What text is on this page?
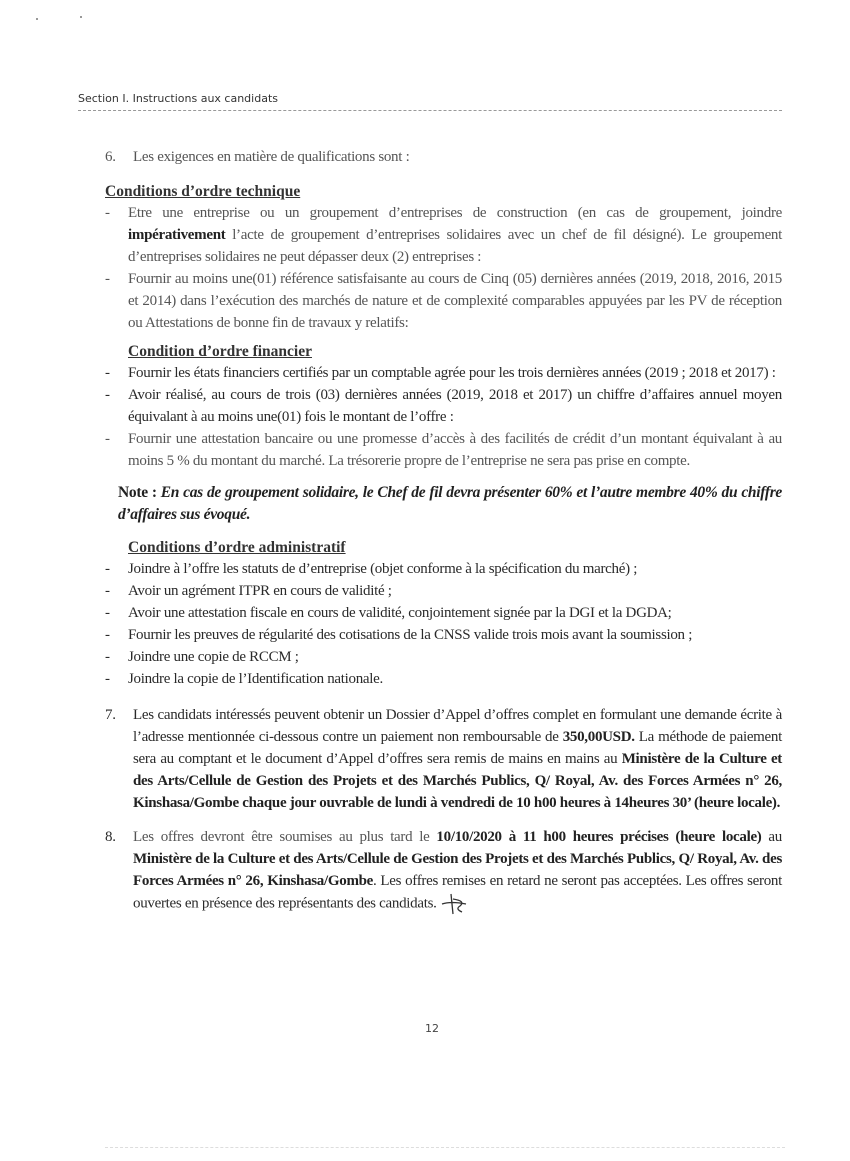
Section I. Instructions aux candidats
6. Les exigences en matière de qualifications sont :
Conditions d’ordre technique
- Etre une entreprise ou un groupement d’entreprises de construction (en cas de groupement, joindre impérativement l’acte de groupement d’entreprises solidaires avec un chef de fil désigné). Le groupement d’entreprises solidaires ne peut dépasser deux (2) entreprises :
- Fournir au moins une(01) référence satisfaisante au cours de Cinq (05) dernières années (2019, 2018, 2016, 2015 et 2014) dans l’exécution des marchés de nature et de complexité comparables appuyées par les PV de réception ou Attestations de bonne fin de travaux y relatifs:
Condition d’ordre financier
- Fournir les états financiers certifiés par un comptable agrée pour les trois dernières années (2019 ; 2018 et 2017) :
- Avoir réalisé, au cours de trois (03) dernières années (2019, 2018 et 2017) un chiffre d’affaires annuel moyen équivalant à au moins une(01) fois le montant de l’offre :
- Fournir une attestation bancaire ou une promesse d’accès à des facilités de crédit d’un montant équivalant à au moins 5 % du montant du marché. La trésorerie propre de l’entreprise ne sera pas prise en compte.
Note : En cas de groupement solidaire, le Chef de fil devra présenter 60% et l’autre membre 40% du chiffre d’affaires sus évoqué.
Conditions d’ordre administratif
- Joindre à l’offre les statuts de d’entreprise (objet conforme à la spécification du marché) ;
- Avoir un agrément ITPR en cours de validité ;
- Avoir une attestation fiscale en cours de validité, conjointement signée par la DGI et la DGDA;
- Fournir les preuves de régularité des cotisations de la CNSS valide trois mois avant la soumission ;
- Joindre une copie de RCCM ;
- Joindre la copie de l’Identification nationale.
7. Les candidats intéressés peuvent obtenir un Dossier d’Appel d’offres complet en formulant une demande écrite à l’adresse mentionnée ci-dessous contre un paiement non remboursable de 350,00USD. La méthode de paiement sera au comptant et le document d’Appel d’offres sera remis de mains en mains au Ministère de la Culture et des Arts/Cellule de Gestion des Projets et des Marchés Publics, Q/ Royal, Av. des Forces Armées n° 26, Kinshasa/Gombe chaque jour ouvrable de lundi à vendredi de 10 h00 heures à 14heures 30’ (heure locale).
8. Les offres devront être soumises au plus tard le 10/10/2020 à 11 h00 heures précises (heure locale) au Ministère de la Culture et des Arts/Cellule de Gestion des Projets et des Marchés Publics, Q/ Royal, Av. des Forces Armées n° 26, Kinshasa/Gombe. Les offres remises en retard ne seront pas acceptées. Les offres seront ouvertes en présence des représentants des candidats.
12
